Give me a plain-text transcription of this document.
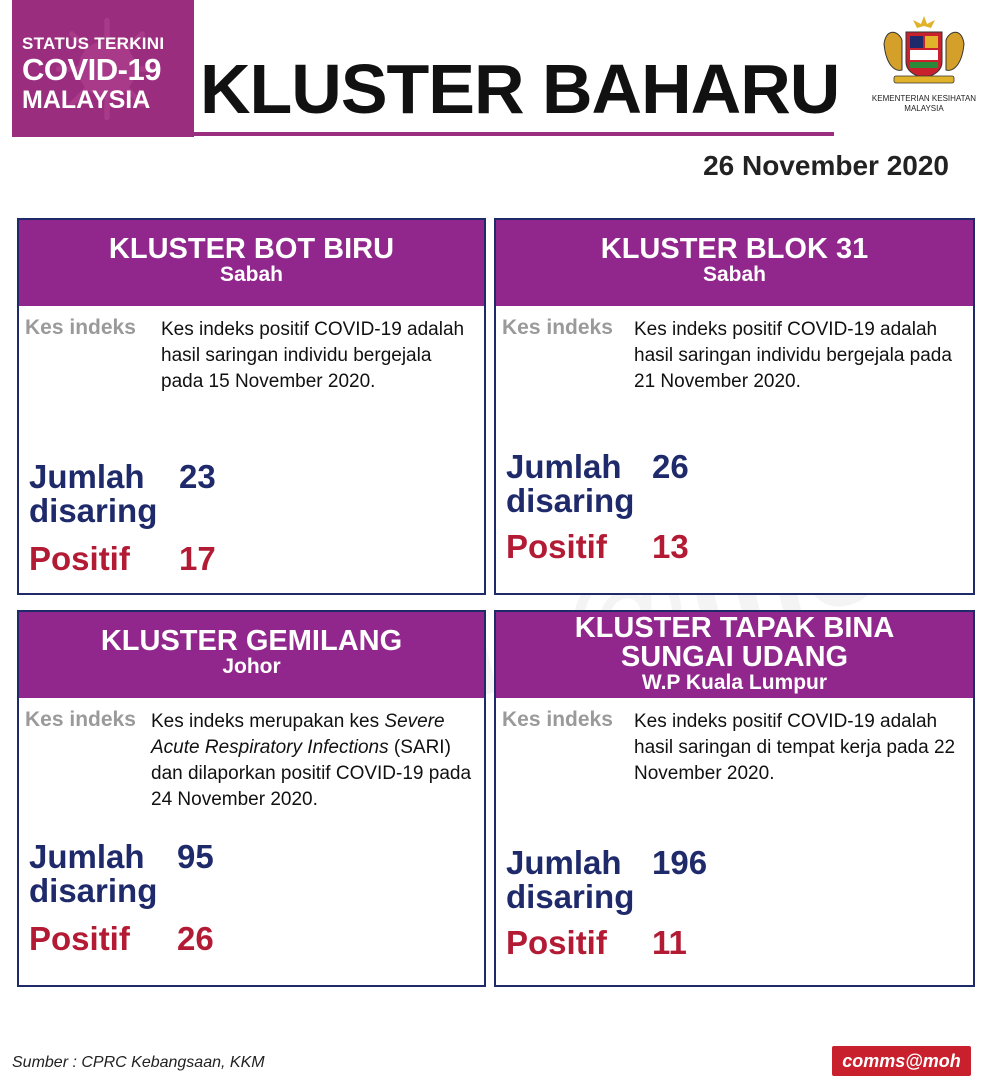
STATUS TERKINI
COVID-19
MALAYSIA KLUSTER BAHARU	KEMENTERIAN KESIHATAN MALAYSIA
26 November 2020
KLUSTER BOT BIRU
Sabah
Kes indeks Kes indeks positif COVID-19 adalah hasil saringan individu bergejala pada 15 November 2020.
Jumlah
disaring
23
Positif 17
KLUSTER BLOK 31
Sabah
Kes indeks Kes indeks positif COVID-19 adalah hasil saringan individu bergejala pada 21 November 2020.
Jumlah
disaring
26
Positif 13
KLUSTER GEMILANG
Johor
Kes indeks Kes indeks merupakan kes Severe Acute Respiratory Infections (SARI) dan dilaporkan positif COVID-19 pada 24 November 2020.
Jumlah
disaring
95
Positif 26
KLUSTER TAPAK BINA
SUNGAI UDANG
W.P Kuala Lumpur
Kes indeks Kes indeks positif COVID-19 adalah hasil saringan di tempat kerja pada 22 November 2020.
Jumlah
disaring
196
Positif 11
Sumber : CPRC Kebangsaan, KKM	comms@moh
